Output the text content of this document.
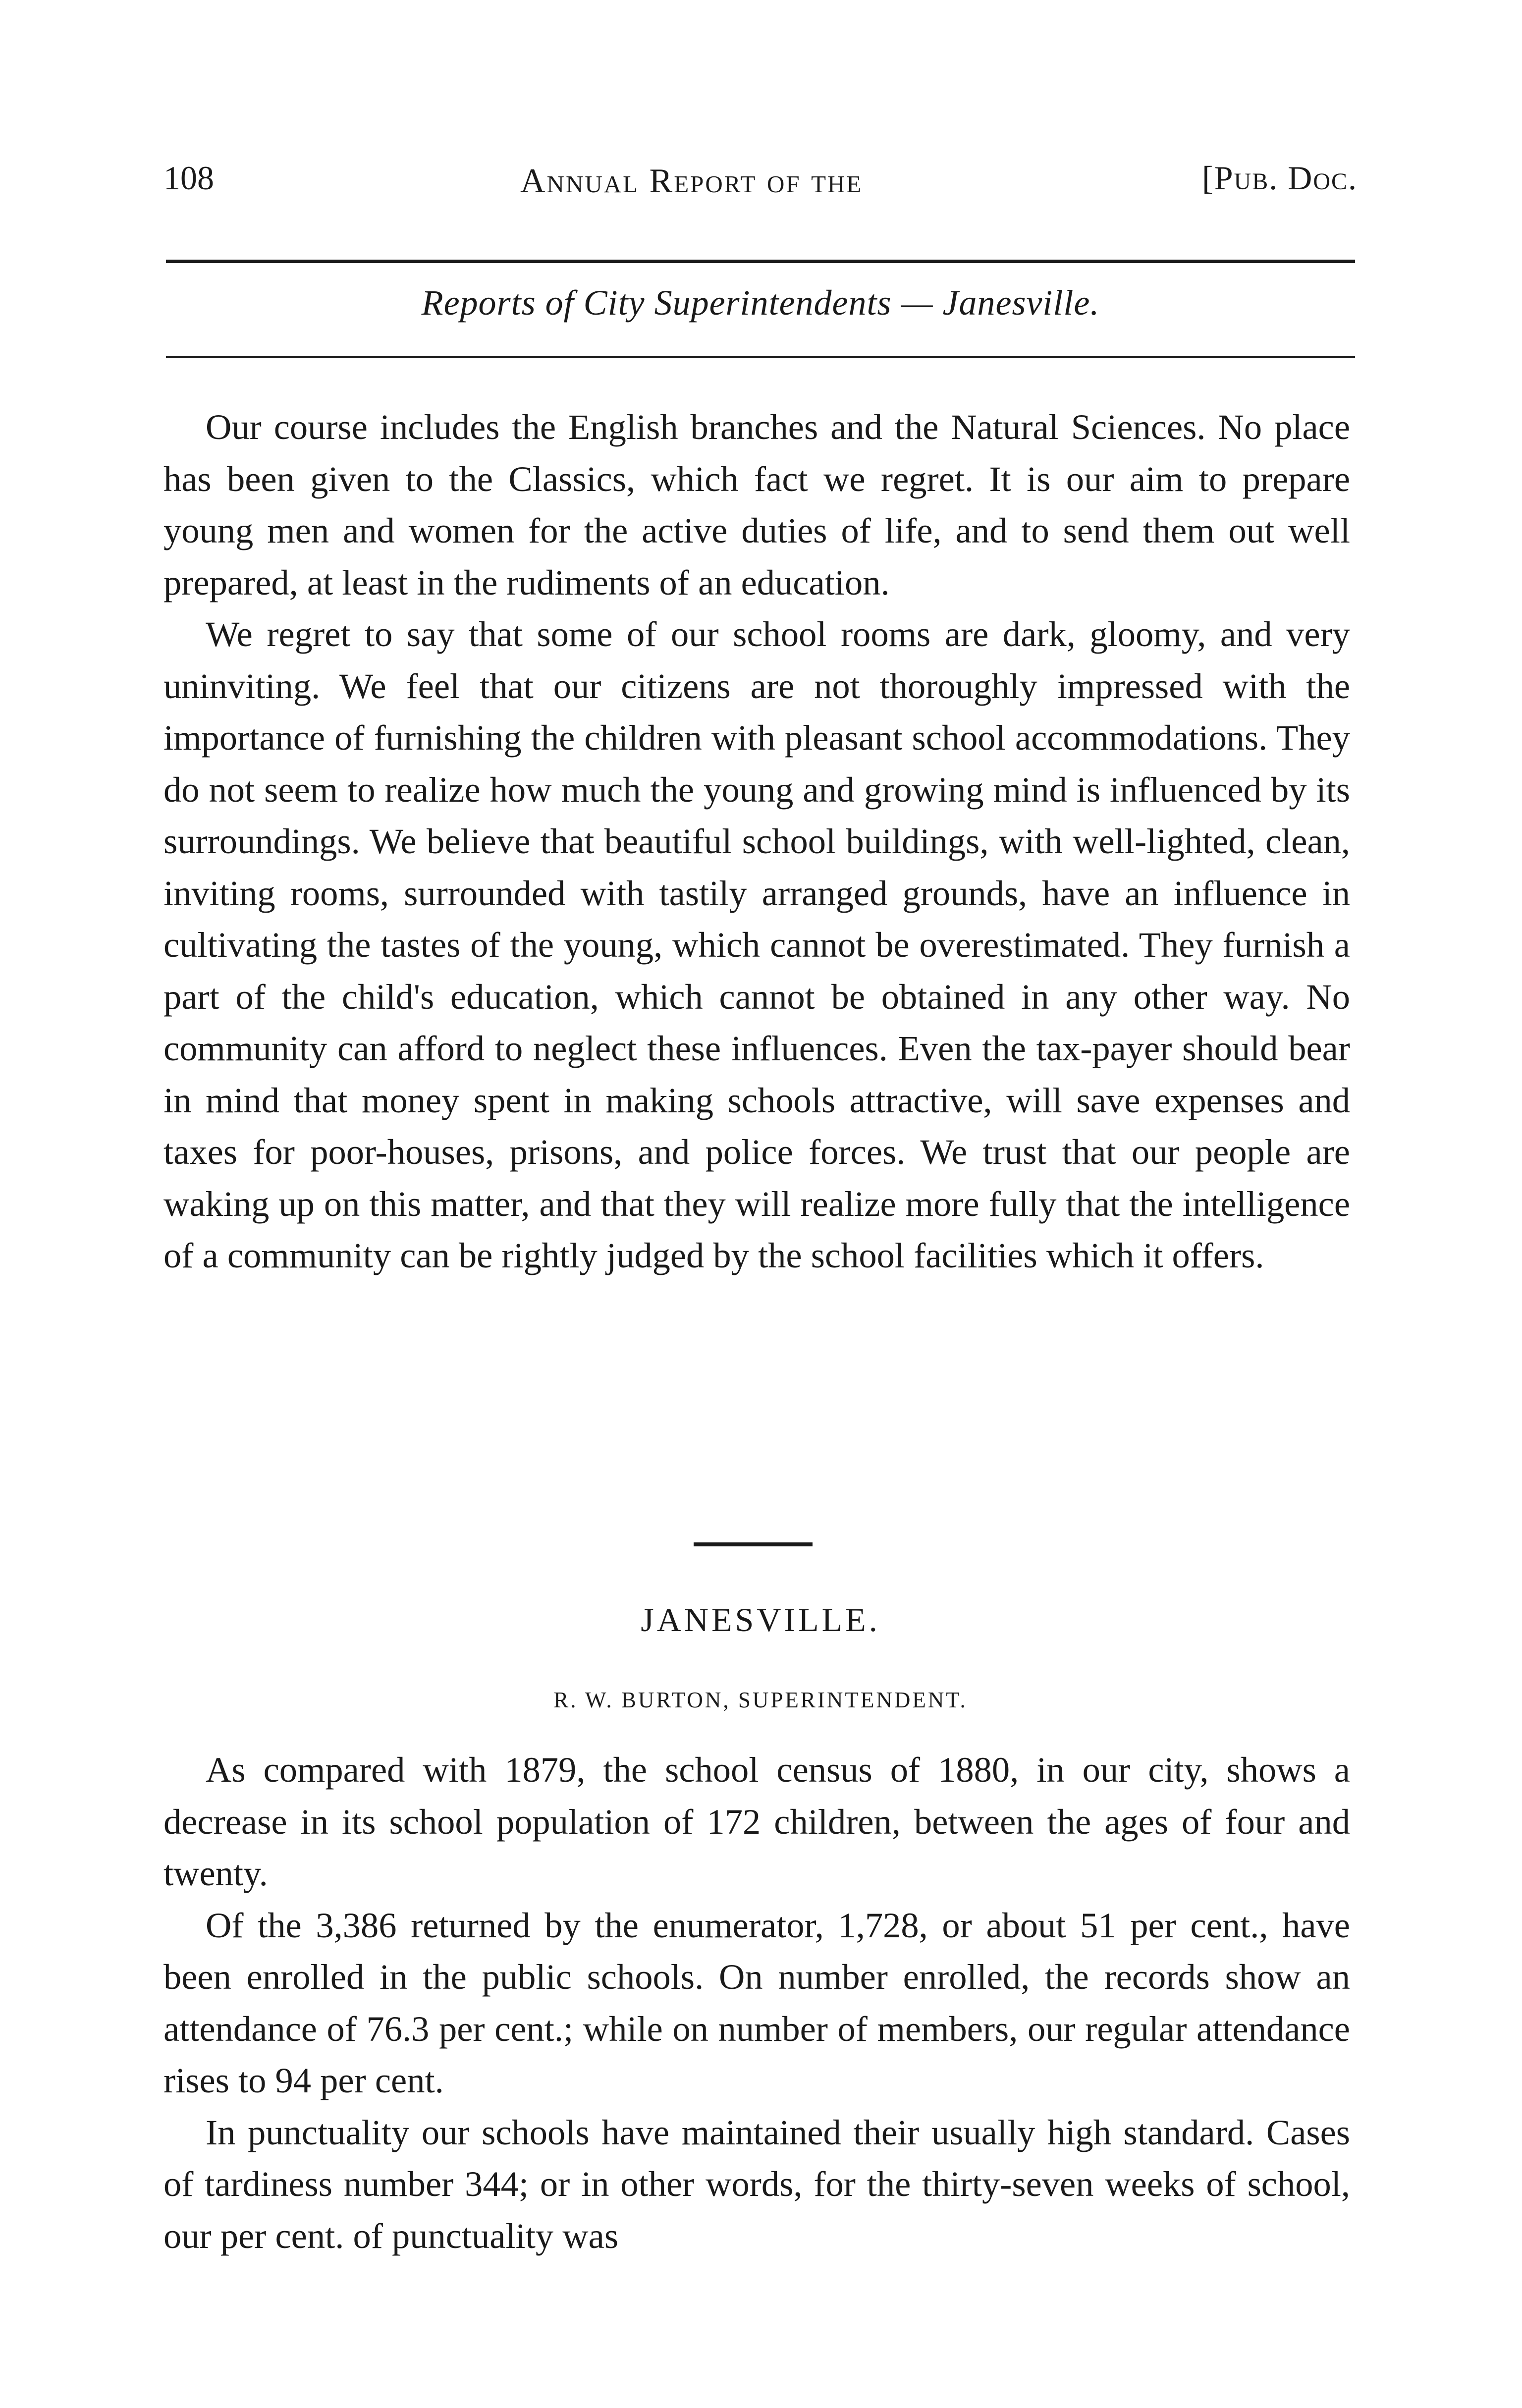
108	Annual Report of the	[Pub. Doc.
Reports of City Superintendents — Janesville.

Our course includes the English branches and the Natural Sciences. No place has been given to the Classics, which fact we regret. It is our aim to prepare young men and women for the active duties of life, and to send them out well prepared, at least in the rudiments of an education.

We regret to say that some of our school rooms are dark, gloomy, and very uninviting. We feel that our citizens are not thoroughly impressed with the importance of furnishing the children with pleasant school accommodations. They do not seem to realize how much the young and growing mind is influenced by its surroundings. We believe that beautiful school buildings, with well-lighted, clean, inviting rooms, surrounded with tastily arranged grounds, have an influence in cultivating the tastes of the young, which cannot be overestimated. They furnish a part of the child's education, which cannot be obtained in any other way. No community can afford to neglect these influences. Even the tax-payer should bear in mind that money spent in making schools attractive, will save expenses and taxes for poor-houses, prisons, and police forces. We trust that our people are waking up on this matter, and that they will realize more fully that the intelligence of a community can be rightly judged by the school facilities which it offers.

JANESVILLE.
R. W. BURTON, SUPERINTENDENT.

As compared with 1879, the school census of 1880, in our city, shows a decrease in its school population of 172 children, between the ages of four and twenty.

Of the 3,386 returned by the enumerator, 1,728, or about 51 per cent., have been enrolled in the public schools. On number enrolled, the records show an attendance of 76.3 per cent.; while on number of members, our regular attendance rises to 94 per cent.

In punctuality our schools have maintained their usually high standard. Cases of tardiness number 344; or in other words, for the thirty-seven weeks of school, our per cent. of punctuality was
